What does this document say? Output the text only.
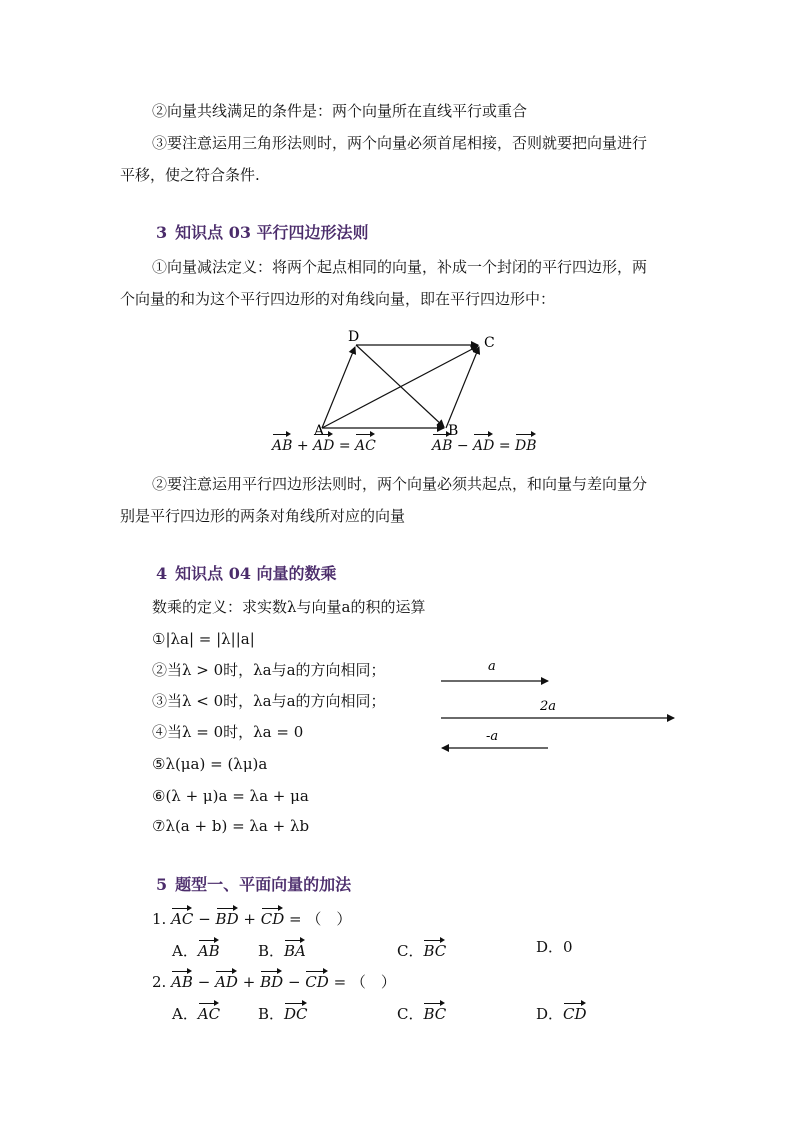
②向量共线满足的条件是：两个向量所在直线平行或重合
③要注意运用三角形法则时，两个向量必须首尾相接，否则就要把向量进行
平移，使之符合条件.
3 知识点 03 平行四边形法则
①向量减法定义：将两个起点相同的向量，补成一个封闭的平行四边形，两
个向量的和为这个平行四边形的对角线向量，即在平行四边形中：
D	C
A	B
AB + AD = AC	AB − AD = DB
②要注意运用平行四边形法则时，两个向量必须共起点，和向量与差向量分
别是平行四边形的两条对角线所对应的向量
4 知识点 04 向量的数乘
数乘的定义：求实数λ与向量a的积的运算
①|λa| = |λ||a|
②当λ > 0时，λa与a的方向相同；
③当λ < 0时，λa与a的方向相同；
④当λ = 0时，λa = 0
⑤λ(μa) = (λμ)a
⑥(λ + μ)a = λa + μa
⑦λ(a + b) = λa + λb
a
2a
-a
5 题型一、平面向量的加法
1. AC − BD + CD = （　）
A．AB	B．BA	C．BC	D．0
2. AB − AD + BD − CD = （　）
A．AC	B．DC	C．BC	D．CD
